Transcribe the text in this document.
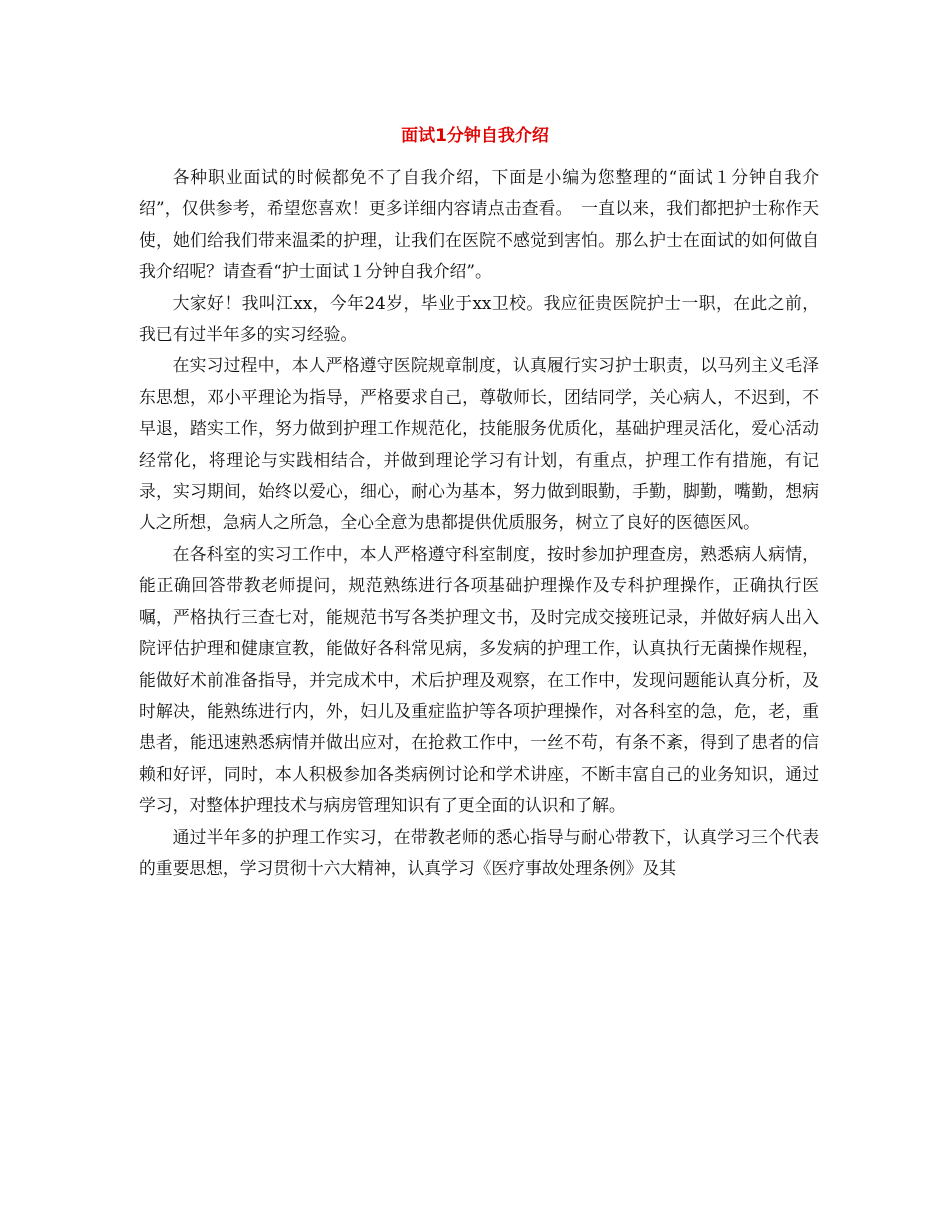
面试1分钟自我介绍

各种职业面试的时候都免不了自我介绍，下面是小编为您整理的“面试１分钟自我介绍”，仅供参考，希望您喜欢！更多详细内容请点击查看。　一直以来，我们都把护士称作天使，她们给我们带来温柔的护理，让我们在医院不感觉到害怕。那么护士在面试的如何做自我介绍呢？请查看“护士面试１分钟自我介绍”。

大家好！我叫江xx，今年24岁，毕业于xx卫校。我应征贵医院护士一职，在此之前，我已有过半年多的实习经验。

在实习过程中，本人严格遵守医院规章制度，认真履行实习护士职责，以马列主义毛泽东思想，邓小平理论为指导，严格要求自己，尊敬师长，团结同学，关心病人，不迟到，不早退，踏实工作，努力做到护理工作规范化，技能服务优质化，基础护理灵活化，爱心活动经常化，将理论与实践相结合，并做到理论学习有计划，有重点，护理工作有措施，有记录，实习期间，始终以爱心，细心，耐心为基本，努力做到眼勤，手勤，脚勤，嘴勤，想病人之所想，急病人之所急，全心全意为患都提供优质服务，树立了良好的医德医风。

在各科室的实习工作中，本人严格遵守科室制度，按时参加护理查房，熟悉病人病情，能正确回答带教老师提问，规范熟练进行各项基础护理操作及专科护理操作，正确执行医嘱，严格执行三查七对，能规范书写各类护理文书，及时完成交接班记录，并做好病人出入院评估护理和健康宣教，能做好各科常见病，多发病的护理工作，认真执行无菌操作规程，能做好术前准备指导，并完成术中，术后护理及观察，在工作中，发现问题能认真分析，及时解决，能熟练进行内，外，妇儿及重症监护等各项护理操作，对各科室的急，危，老，重患者，能迅速熟悉病情并做出应对，在抢救工作中，一丝不苟，有条不紊，得到了患者的信赖和好评，同时，本人积极参加各类病例讨论和学术讲座，不断丰富自己的业务知识，通过学习，对整体护理技术与病房管理知识有了更全面的认识和了解。

通过半年多的护理工作实习，在带教老师的悉心指导与耐心带教下，认真学习三个代表的重要思想，学习贯彻十六大精神，认真学习《医疗事故处理条例》及其
